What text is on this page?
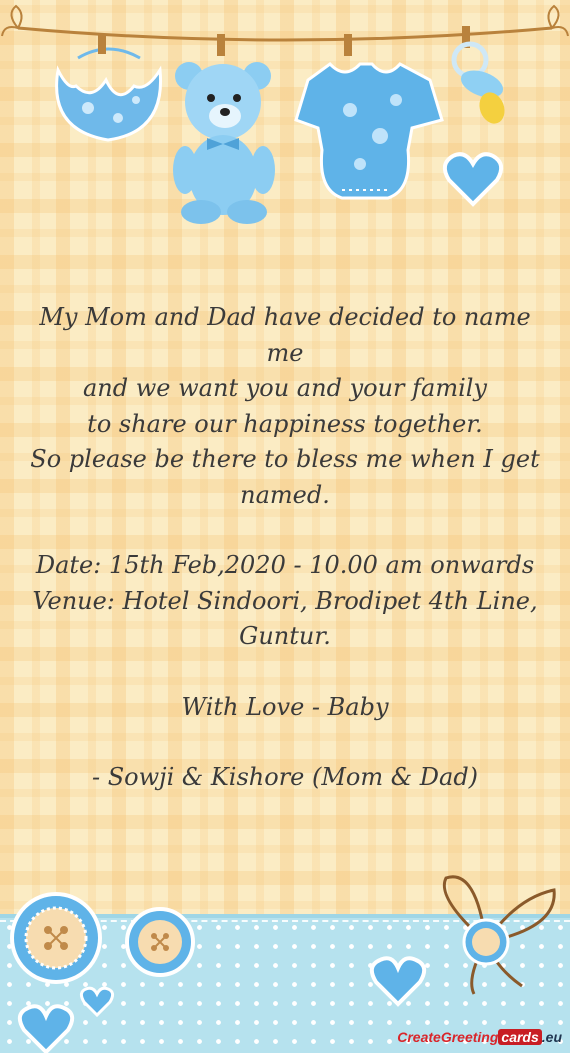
My Mom and Dad have decided to name

me

and we want you and your family

to share our happiness together.

So please be there to bless me when I get

named.

Date: 15th Feb,2020 - 10.00 am onwards

Venue: Hotel Sindoori, Brodipet 4th Line,

Guntur.

With Love - Baby

- Sowji & Kishore (Mom & Dad)

CreateGreeting cards .eu
